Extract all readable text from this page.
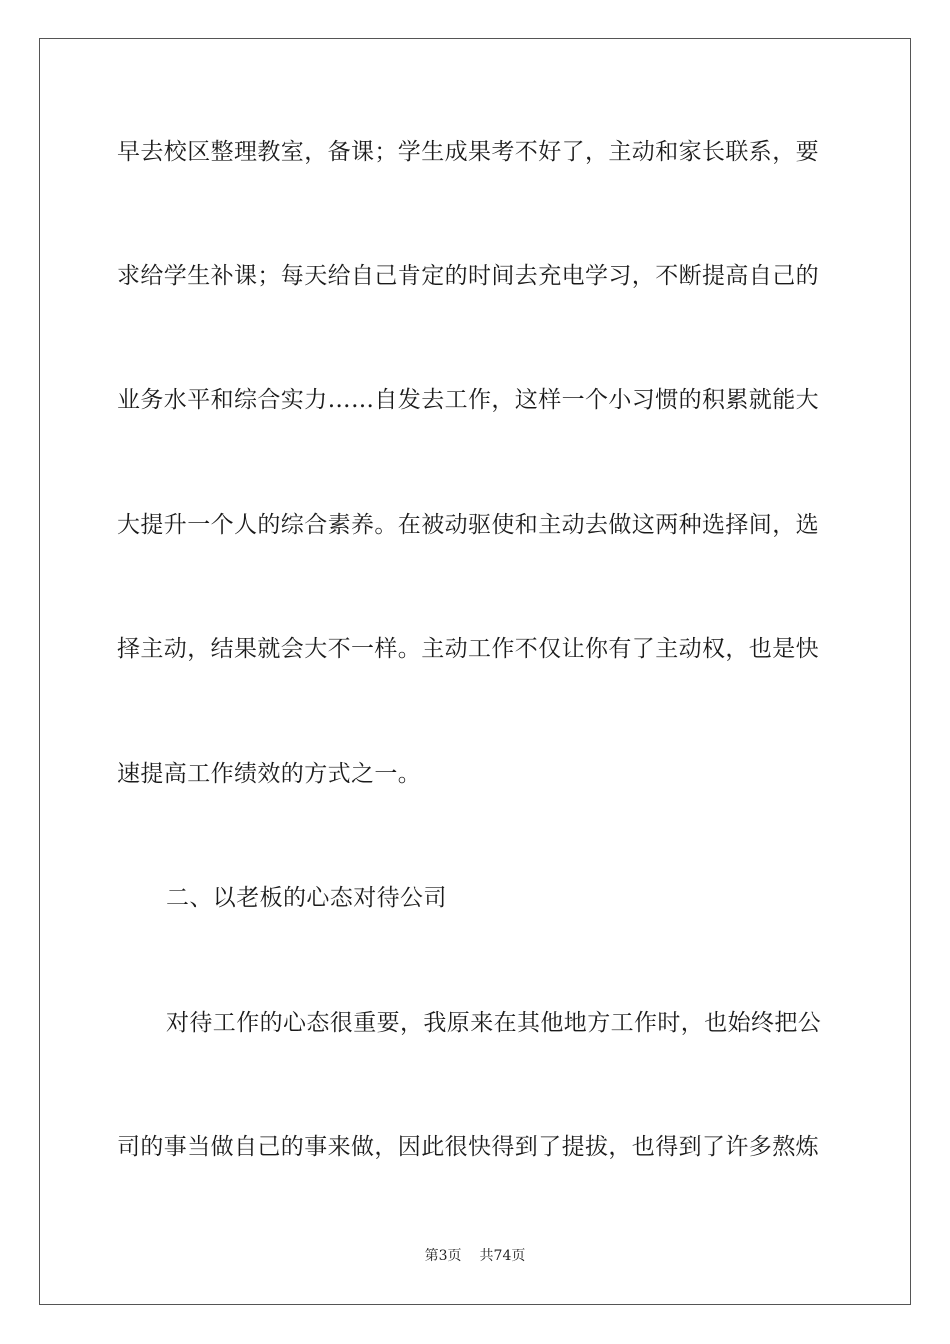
早去校区整理教室，备课；学生成果考不好了，主动和家长联系，要
求给学生补课；每天给自己肯定的时间去充电学习，不断提高自己的
业务水平和综合实力……自发去工作，这样一个小习惯的积累就能大
大提升一个人的综合素养。在被动驱使和主动去做这两种选择间，选
择主动，结果就会大不一样。主动工作不仅让你有了主动权，也是快
速提高工作绩效的方式之一。
二、以老板的心态对待公司
对待工作的心态很重要，我原来在其他地方工作时，也始终把公
司的事当做自己的事来做，因此很快得到了提拔，也得到了许多熬炼
第3页 共74页
